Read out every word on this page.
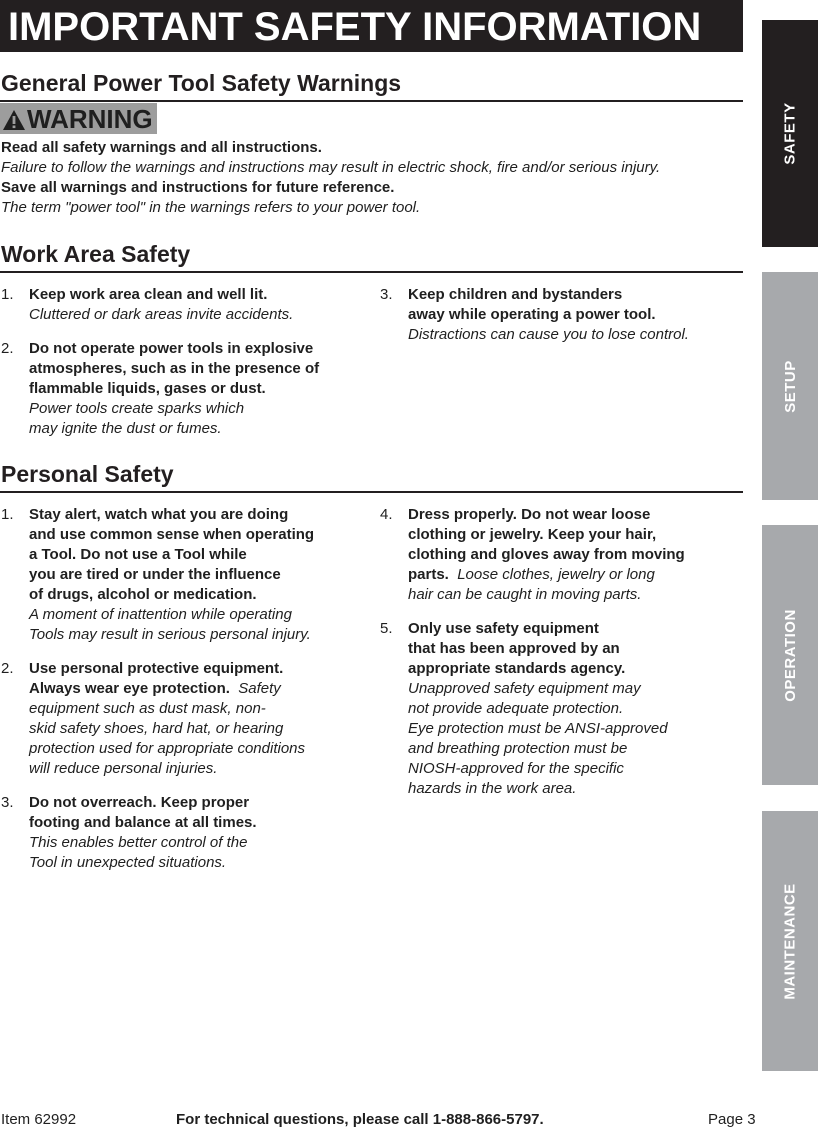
IMPORTANT SAFETY INFORMATION
General Power Tool Safety Warnings
WARNING
Read all safety warnings and all instructions.
Failure to follow the warnings and instructions may result in electric shock, fire and/or serious injury.
Save all warnings and instructions for future reference.
The term "power tool" in the warnings refers to your power tool.
Work Area Safety
1. Keep work area clean and well lit.
Cluttered or dark areas invite accidents.
2. Do not operate power tools in explosive
atmospheres, such as in the presence of
flammable liquids, gases or dust.
Power tools create sparks which
may ignite the dust or fumes.
3. Keep children and bystanders
away while operating a power tool.
Distractions can cause you to lose control.
Personal Safety
1. Stay alert, watch what you are doing
and use common sense when operating
a Tool. Do not use a Tool while
you are tired or under the influence
of drugs, alcohol or medication.
A moment of inattention while operating
Tools may result in serious personal injury.
2. Use personal protective equipment.
Always wear eye protection. Safety
equipment such as dust mask, non-
skid safety shoes, hard hat, or hearing
protection used for appropriate conditions
will reduce personal injuries.
3. Do not overreach. Keep proper
footing and balance at all times.
This enables better control of the
Tool in unexpected situations.
4. Dress properly. Do not wear loose
clothing or jewelry. Keep your hair,
clothing and gloves away from moving
parts. Loose clothes, jewelry or long
hair can be caught in moving parts.
5. Only use safety equipment
that has been approved by an
appropriate standards agency.
Unapproved safety equipment may
not provide adequate protection.
Eye protection must be ANSI-approved
and breathing protection must be
NIOSH-approved for the specific
hazards in the work area.
SAFETY
SETUP
OPERATION
MAINTENANCE
Item 62992	For technical questions, please call 1-888-866-5797.	Page 3
